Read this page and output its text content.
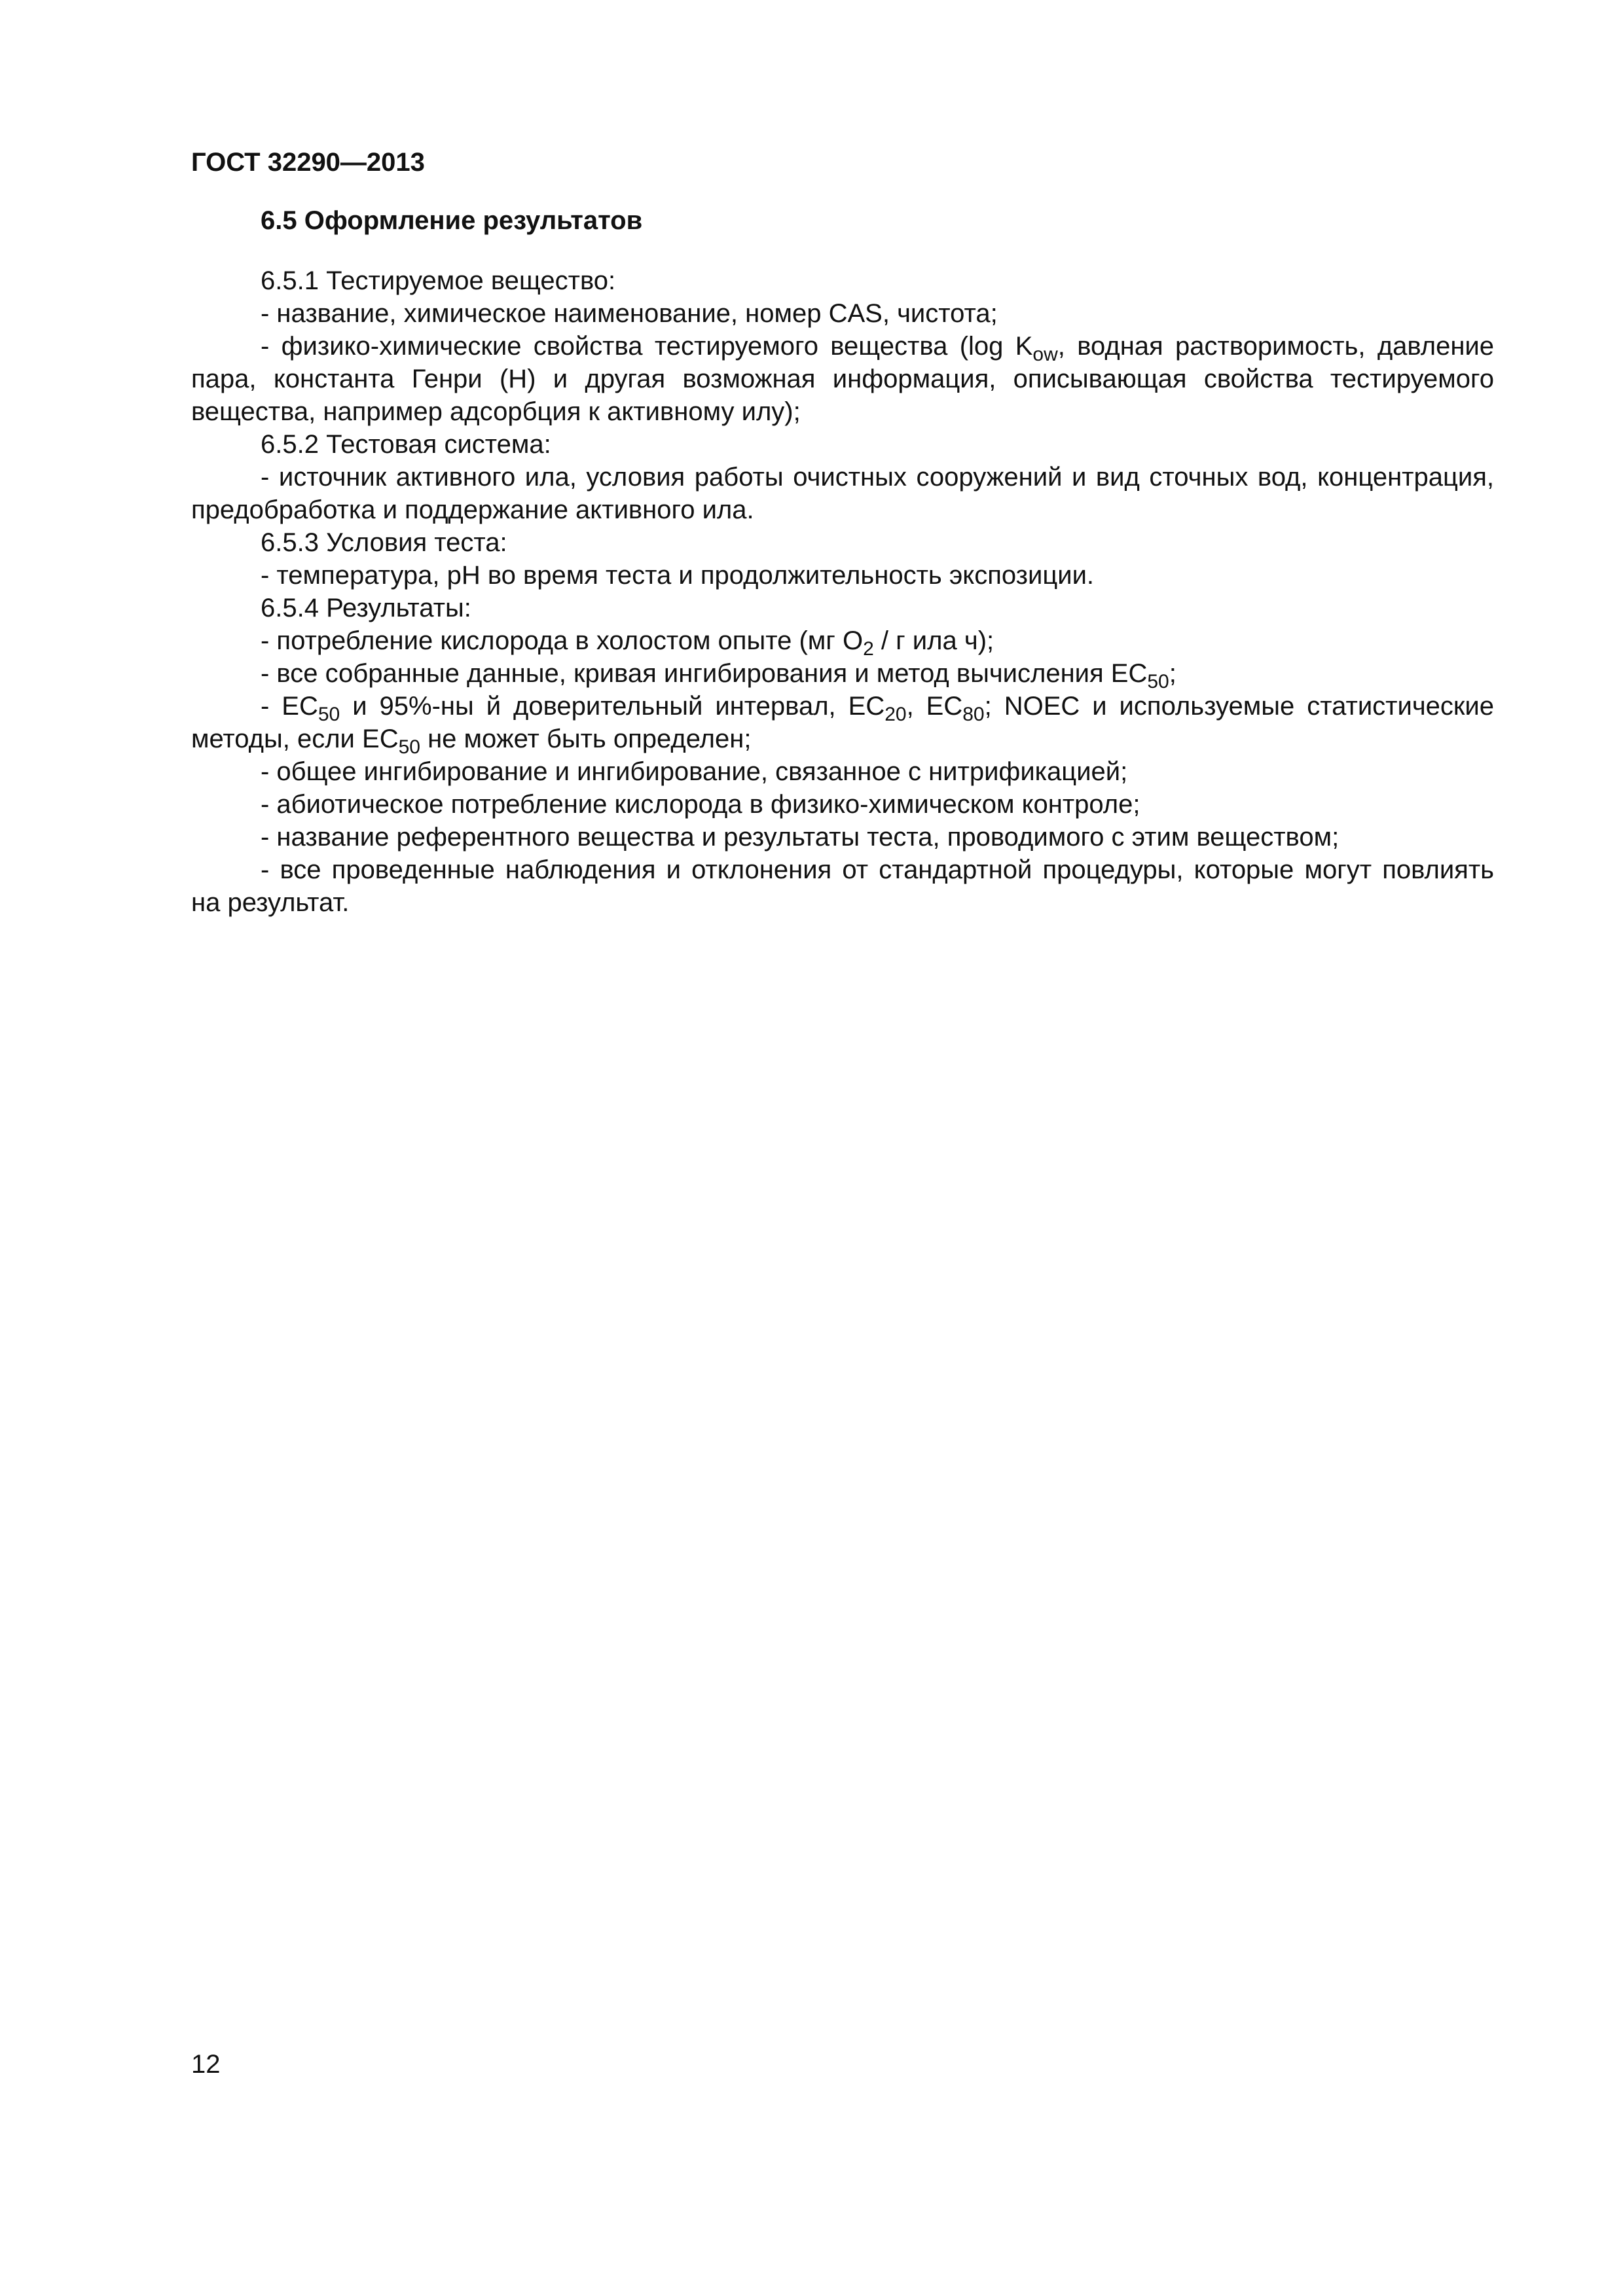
ГОСТ 32290—2013

6.5 Оформление результатов

6.5.1 Тестируемое вещество:

- название, химическое наименование, номер CAS, чистота;

- физико-химические свойства тестируемого вещества (log $K_{ow}$, водная растворимость, давление пара, константа Генри (Н) и другая возможная информация, описывающая свойства тестируемого вещества, например адсорбция к активному илу);

6.5.2 Тестовая система:

- источник активного ила, условия работы очистных сооружений и вид сточных вод, концентрация, предобработка и поддержание активного ила.

6.5.3 Условия теста:

- температура, pH во время теста и продолжительность экспозиции.

6.5.4 Результаты:

- потребление кислорода в холостом опыте (мг $O_2$ / г ила ч);

- все собранные данные, кривая ингибирования и метод вычисления $EC_{50}$;

- $EC_{50}$ и 95%-ны й доверительный интервал, $EC_{20}$, $EC_{80}$; NOEC и используемые статистические методы, если $EC_{50}$ не может быть определен;

- общее ингибирование и ингибирование, связанное с нитрификацией;

- абиотическое потребление кислорода в физико-химическом контроле;

- название референтного вещества и результаты теста, проводимого с этим веществом;

- все проведенные наблюдения и отклонения от стандартной процедуры, которые могут повлиять на результат.

12
